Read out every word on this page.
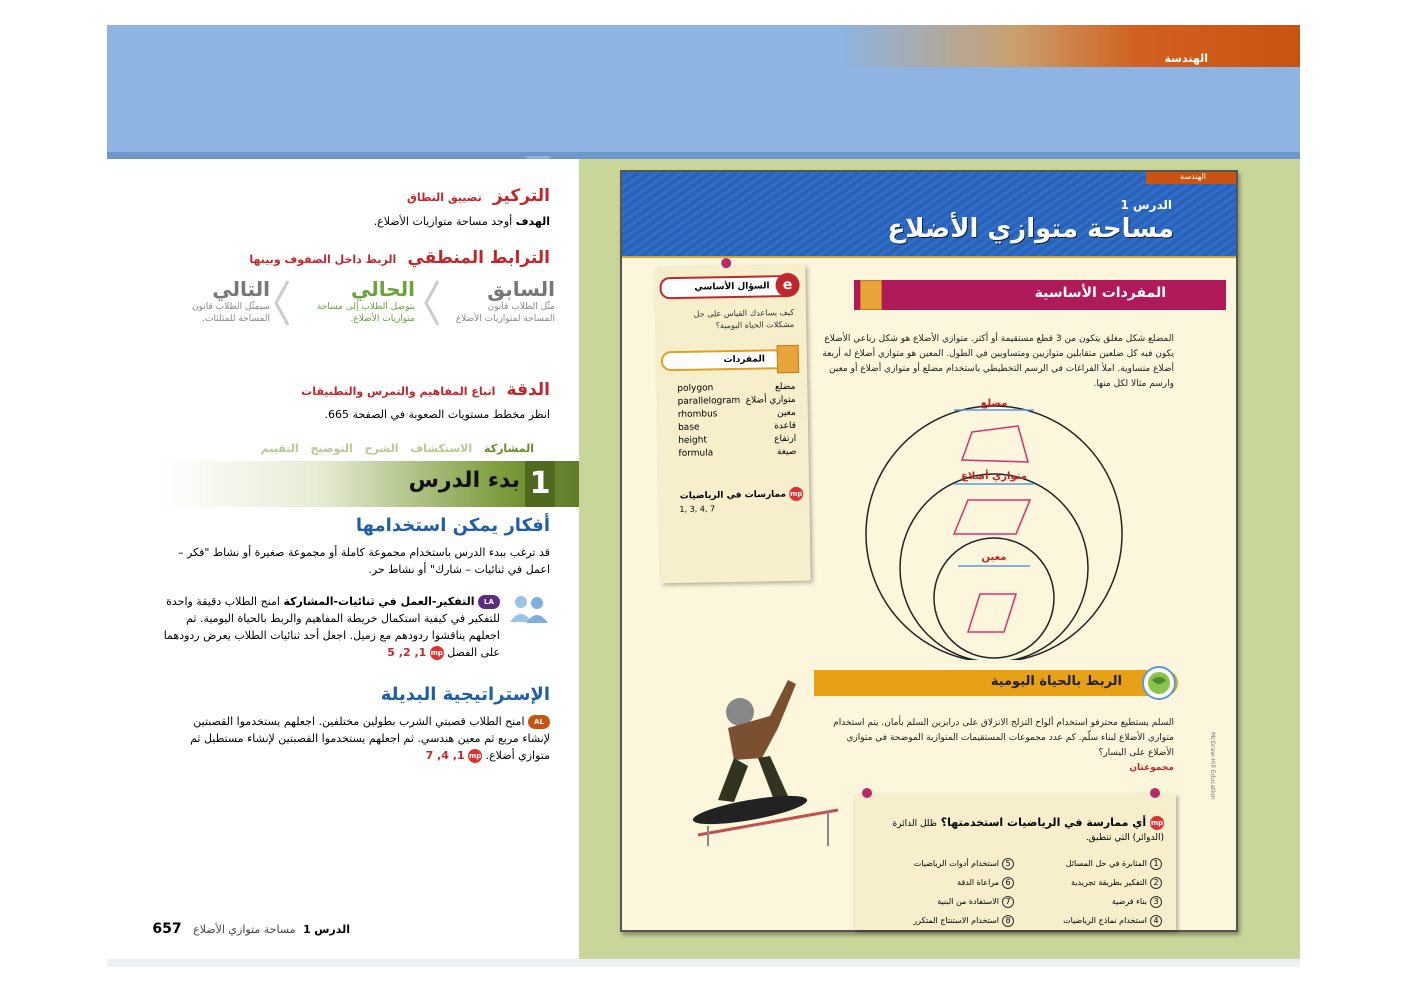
الهندسة
التركيز تضييق النطاق
الهدف أوجد مساحة متوازيات الأضلاع.
الترابط المنطقي الربط داخل الصفوف وبينها
السابق
مثّل الطلاب قانون المساحة لمتوازيات الأضلاع
الحالي
يتوصل الطلاب إلى مساحة متوازيات الأضلاع.
التالي
سيمثّل الطلاب قانون المساحة للمثلثات.
الدقة اتباع المفاهيم والتمرس والتطبيقات
انظر مخطط مستويات الصعوبة في الصفحة 665.
المشاركة الاستكشاف الشرح التوضيح التقييم
1
بدء الدرس
أفكار يمكن استخدامها
قد ترغب ببدء الدرس باستخدام مجموعة كاملة أو مجموعة صغيرة أو نشاط "فكر – اعمل في ثنائيات – شارك" أو نشاط حر.
LA التفكير-العمل في ثنائيات-المشاركة امنح الطلاب دقيقة واحدة للتفكير في كيفية استكمال خريطة المفاهيم والربط بالحياة اليومية. ثم اجعلهم يناقشوا ردودهم مع زميل. اجعل أحد ثنائيات الطلاب يعرض ردودهما على الفصل mp 1, 2, 5
الإستراتيجية البديلة
AL امنح الطلاب قصبتي الشرب بطولين مختلفين. اجعلهم يستخدموا القصبتين لإنشاء مربع ثم معين هندسي. ثم اجعلهم يستخدموا القصبتين لإنشاء مستطيل ثم متوازي أضلاع. mp 1, 4, 7
الدرس 1 مساحة متوازي الأضلاع 657
الهندسة
الدرس 1
مساحة متوازي الأضلاع
السؤال الأساسي e
كيف يساعدك القياس على حل مشكلات الحياة اليومية؟
المفردات
polygon	مضلع
parallelogram متوازي أضلاع
rhombus	معين
base	قاعدة
height	ارتفاع
formula	صيغة
mp ممارسات في الرياضيات
1, 3, 4, 7
المفردات الأساسية
المضلع شكل مغلق يتكون من 3 قطع مستقيمة أو أكثر. متوازي الأضلاع هو شكل رباعي الأضلاع يكون فيه كل ضلعين متقابلين متوازيين ومتساويين في الطول. المعين هو متوازي أضلاع له أربعة أضلاع متساوية. املأ الفراغات في الرسم التخطيطي باستخدام مضلع أو متوازي أضلاع أو معين وارسم مثالا لكل منها.
مضلع
متوازي أضلاع
معين
الربط بالحياة اليومية
السلم يستطيع محترفو استخدام ألواح التزلج الانزلاق على درابزين السلم بأمان. يتم استخدام متوازي الأضلاع لبناء سلّم. كم عدد مجموعات المستقيمات المتوازية الموضحة في متوازي الأضلاع على اليسار؟
مجموعتان
mp أي ممارسة في الرياضيات استخدمتها؟ ظلل الدائرة (الدوائر) التي تنطبق.
1المثابرة في حل المسائل
2التفكير بطريقة تجريدية
3بناء فرضية
4استخدام نماذج الرياضيات
5استخدام أدوات الرياضيات
6مراعاة الدقة
7الاستفادة من البنية
8استخدام الاستنتاج المتكرر
McGraw-Hill Education
